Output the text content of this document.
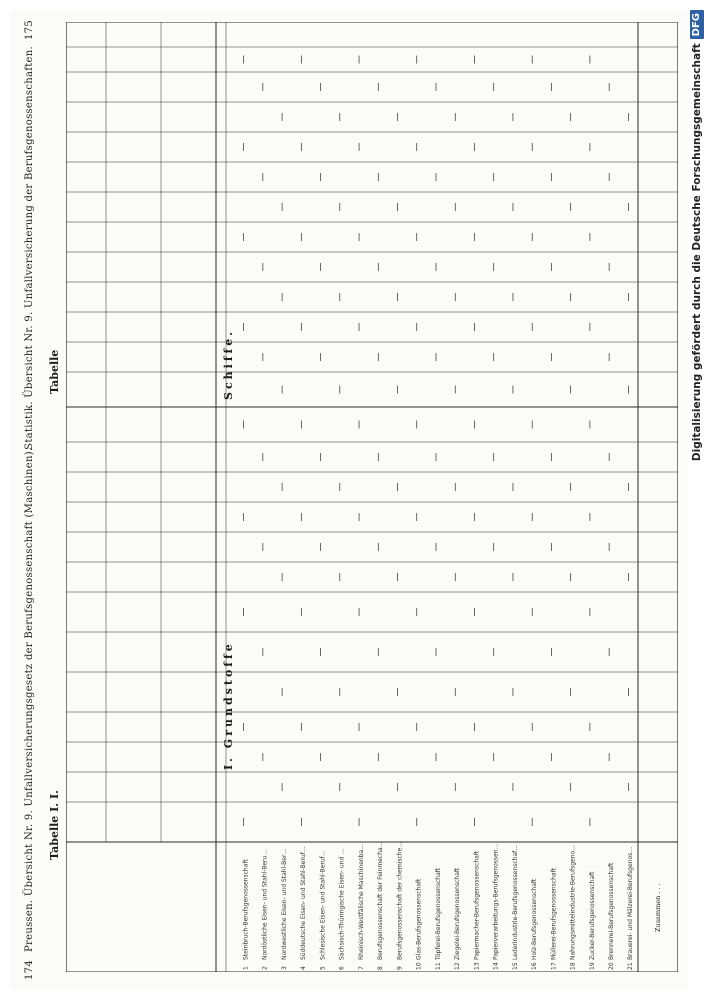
174
Preussen. Übersicht Nr. 9. Unfallversicherungsgesetz der Berufsgenossenschaft (Maschinen).
Statistik. Übersicht Nr. 9. Unfallversicherung der Berufsgenossenschaften.
175
Tabelle I. I.
Tabelle
1
Steinbruch-Berufsgenossenschaft
2
Nordöstliche Eisen- und Stahl-Beru…
3
Nordwestliche Eisen- und Stahl-Ber…
4
Süddeutsche Eisen- und Stahl-Beruf…
5
Schlesische Eisen- und Stahl-Beruf…
6
Sächsisch-Thüringische Eisen- und …
7
Rheinisch-Westfälische Maschinenba…
8
Berufsgenossenschaft der Feinmecha…
9
Berufsgenossenschaft der chemische…
10
Glas-Berufsgenossenschaft
11
Töpferei-Berufsgenossenschaft
12
Ziegelei-Berufsgenossenschaft
13
Papiermacher-Berufsgenossenschaft
14
Papierverarbeitungs-Berufsgenossen…
15
Lederindustrie-Berufsgenossenschaf…
16
Holz-Berufsgenossenschaft
17
Müllerei-Berufsgenossenschaft
18
Nahrungsmittelindustrie-Berufsgeno…
19
Zucker-Berufsgenossenschaft
20
Brennerei-Berufsgenossenschaft
21
Brauerei- und Mälzerei-Berufsgenos…	Zusammen . . .
I. Grundstoffe
Schiffe.	Digitalisierung gefördert durch die Deutsche Forschungsgemeinschaft
DFG
